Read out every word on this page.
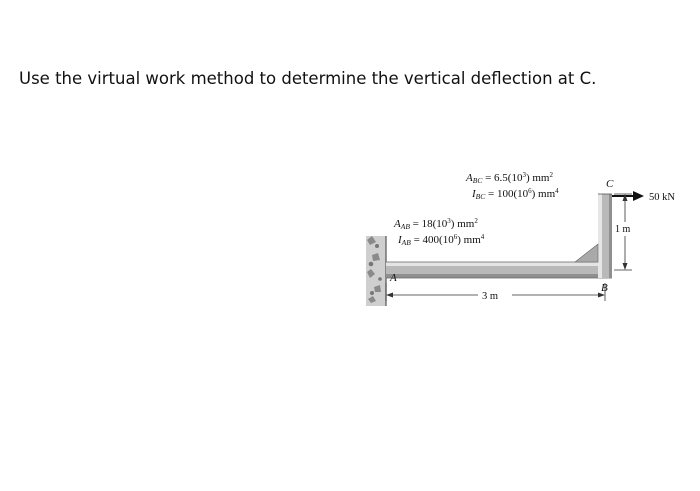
Use the virtual work method to determine the vertical deflection at C.
ABC = $6.5(10^3)$ $mm^2$
IBC = $100(10^6)$ $mm^4$
AAB = $18(10^3)$ $mm^2$
IAB = $400(10^6)$ $mm^4$
C
B
A
50 kN
3 m
1 m
